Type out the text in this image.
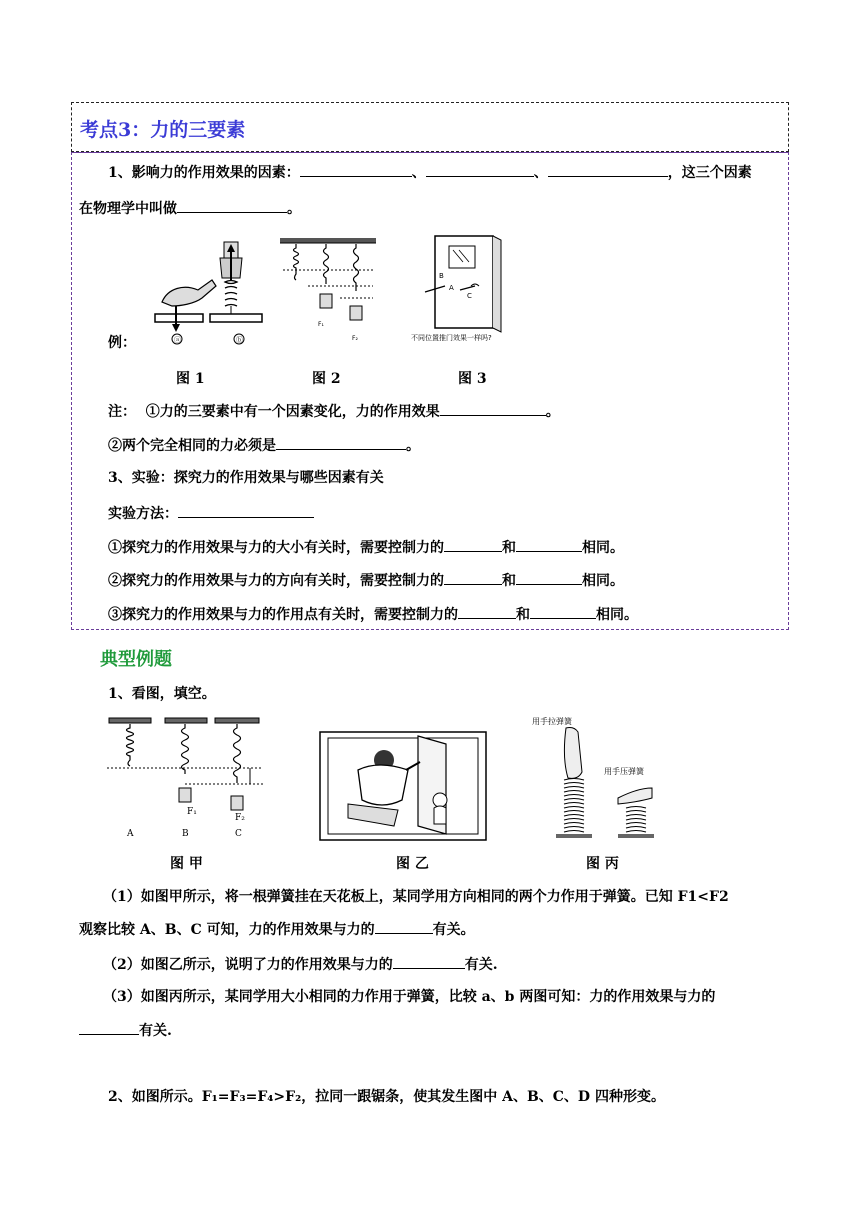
考点3：力的三要素
1、影响力的作用效果的因素：	、	、	，这三个因素
在物理学中叫做	。
例：	ⓐ	ⓑ
F₁
F₂
B
A
C
不同位置推门效果一样吗?
图 1	图 2	图 3
注： ①力的三要素中有一个因素变化，力的作用效果	。
②两个完全相同的力必须是	。
3、实验：探究力的作用效果与哪些因素有关
实验方法：
①探究力的作用效果与力的大小有关时，需要控制力的	和	相同。
②探究力的作用效果与力的方向有关时，需要控制力的	和	相同。
③探究力的作用效果与力的作用点有关时，需要控制力的	和	相同。
典型例题
1、看图，填空。
F₁
F₂
A	B	C
用手拉弹簧
用手压弹簧
图 甲	图 乙	图 丙
（1）如图甲所示，将一根弹簧挂在天花板上，某同学用方向相同的两个力作用于弹簧。已知 F1<F2
观察比较 A、B、C 可知，力的作用效果与力的	有关。
（2）如图乙所示，说明了力的作用效果与力的	有关.
（3）如图丙所示，某同学用大小相同的力作用于弹簧，比较 a、b 两图可知：力的作用效果与力的
有关.
2、如图所示。F₁=F₃=F₄>F₂，拉同一跟锯条，使其发生图中 A、B、C、D 四种形变。
